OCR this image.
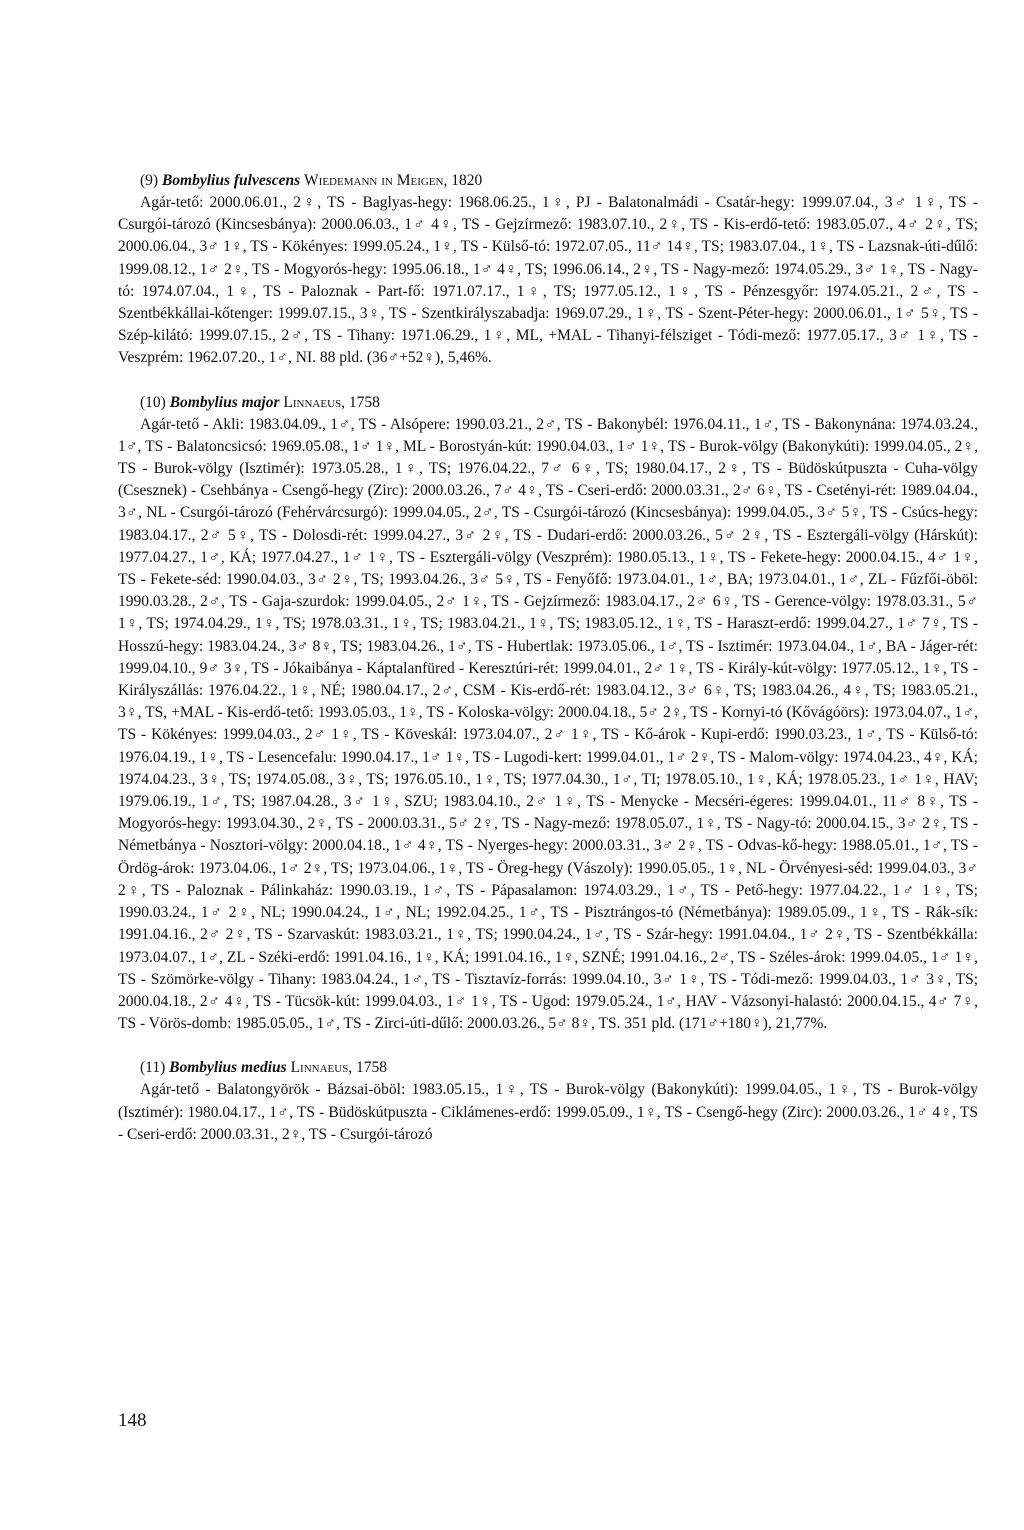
(9) Bombylius fulvescens Wiedemann in Meigen, 1820

Agár-tető: 2000.06.01., 2♀, TS - Baglyas-hegy: 1968.06.25., 1♀, PJ - Balatonalmádi - Csatár-hegy: 1999.07.04., 3♂ 1♀, TS - Csurgói-tározó (Kincsesbánya): 2000.06.03., 1♂ 4♀, TS - Gejzírmező: 1983.07.10., 2♀, TS - Kis-erdő-tető: 1983.05.07., 4♂ 2♀, TS; 2000.06.04., 3♂ 1♀, TS - Kökényes: 1999.05.24., 1♀, TS - Külső-tó: 1972.07.05., 11♂ 14♀, TS; 1983.07.04., 1♀, TS - Lazsnak-úti-dűlő: 1999.08.12., 1♂ 2♀, TS - Mogyorós-hegy: 1995.06.18., 1♂ 4♀, TS; 1996.06.14., 2♀, TS - Nagy-mező: 1974.05.29., 3♂ 1♀, TS - Nagy-tó: 1974.07.04., 1♀, TS - Paloznak - Part-fő: 1971.07.17., 1♀, TS; 1977.05.12., 1♀, TS - Pénzesgyőr: 1974.05.21., 2♂, TS - Szentbékkállai-kőtenger: 1999.07.15., 3♀, TS - Szentkirályszabadja: 1969.07.29., 1♀, TS - Szent-Péter-hegy: 2000.06.01., 1♂ 5♀, TS - Szép-kilátó: 1999.07.15., 2♂, TS - Tihany: 1971.06.29., 1♀, ML, +MAL - Tihanyi-félsziget - Tódi-mező: 1977.05.17., 3♂ 1♀, TS - Veszprém: 1962.07.20., 1♂, NI. 88 pld. (36♂+52♀), 5,46%.

(10) Bombylius major Linnaeus, 1758

Agár-tető - Akli: 1983.04.09., 1♂, TS - Alsópere: 1990.03.21., 2♂, TS - Bakonybél: 1976.04.11., 1♂, TS - Bakonynána: 1974.03.24., 1♂, TS - Balatoncsicsó: 1969.05.08., 1♂ 1♀, ML - Borostyán-kút: 1990.04.03., 1♂ 1♀, TS - Burok-völgy (Bakonykúti): 1999.04.05., 2♀, TS - Burok-völgy (Isztimér): 1973.05.28., 1♀, TS; 1976.04.22., 7♂ 6♀, TS; 1980.04.17., 2♀, TS - Büdöskútpuszta - Cuha-völgy (Csesznek) - Csehbánya - Csengő-hegy (Zirc): 2000.03.26., 7♂ 4♀, TS - Cseri-erdő: 2000.03.31., 2♂ 6♀, TS - Csetényi-rét: 1989.04.04., 3♂, NL - Csurgói-tározó (Fehérvárcsurgó): 1999.04.05., 2♂, TS - Csurgói-tározó (Kincsesbánya): 1999.04.05., 3♂ 5♀, TS - Csúcs-hegy: 1983.04.17., 2♂ 5♀, TS - Dolosdi-rét: 1999.04.27., 3♂ 2♀, TS - Dudari-erdő: 2000.03.26., 5♂ 2♀, TS - Esztergáli-völgy (Hárskút): 1977.04.27., 1♂, KÁ; 1977.04.27., 1♂ 1♀, TS - Esztergáli-völgy (Veszprém): 1980.05.13., 1♀, TS - Fekete-hegy: 2000.04.15., 4♂ 1♀, TS - Fekete-séd: 1990.04.03., 3♂ 2♀, TS; 1993.04.26., 3♂ 5♀, TS - Fenyőfő: 1973.04.01., 1♂, BA; 1973.04.01., 1♂, ZL - Fűzfői-öböl: 1990.03.28., 2♂, TS - Gaja-szurdok: 1999.04.05., 2♂ 1♀, TS - Gejzírmező: 1983.04.17., 2♂ 6♀, TS - Gerence-völgy: 1978.03.31., 5♂ 1♀, TS; 1974.04.29., 1♀, TS; 1978.03.31., 1♀, TS; 1983.04.21., 1♀, TS; 1983.05.12., 1♀, TS - Haraszt-erdő: 1999.04.27., 1♂ 7♀, TS - Hosszú-hegy: 1983.04.24., 3♂ 8♀, TS; 1983.04.26., 1♂, TS - Hubertlak: 1973.05.06., 1♂, TS - Isztimér: 1973.04.04., 1♂, BA - Jáger-rét: 1999.04.10., 9♂ 3♀, TS - Jókaibánya - Káptalanfüred - Keresztúri-rét: 1999.04.01., 2♂ 1♀, TS - Király-kút-völgy: 1977.05.12., 1♀, TS - Királyszállás: 1976.04.22., 1♀, NÉ; 1980.04.17., 2♂, CSM - Kis-erdő-rét: 1983.04.12., 3♂ 6♀, TS; 1983.04.26., 4♀, TS; 1983.05.21., 3♀, TS, +MAL - Kis-erdő-tető: 1993.05.03., 1♀, TS - Koloska-völgy: 2000.04.18., 5♂ 2♀, TS - Kornyi-tó (Kővágóörs): 1973.04.07., 1♂, TS - Kökényes: 1999.04.03., 2♂ 1♀, TS - Köveskál: 1973.04.07., 2♂ 1♀, TS - Kő-árok - Kupi-erdő: 1990.03.23., 1♂, TS - Külső-tó: 1976.04.19., 1♀, TS - Lesencefalu: 1990.04.17., 1♂ 1♀, TS - Lugodi-kert: 1999.04.01., 1♂ 2♀, TS - Malom-völgy: 1974.04.23., 4♀, KÁ; 1974.04.23., 3♀, TS; 1974.05.08., 3♀, TS; 1976.05.10., 1♀, TS; 1977.04.30., 1♂, TI; 1978.05.10., 1♀, KÁ; 1978.05.23., 1♂ 1♀, HAV; 1979.06.19., 1♂, TS; 1987.04.28., 3♂ 1♀, SZU; 1983.04.10., 2♂ 1♀, TS - Menycke - Mecséri-égeres: 1999.04.01., 11♂ 8♀, TS - Mogyorós-hegy: 1993.04.30., 2♀, TS - 2000.03.31., 5♂ 2♀, TS - Nagy-mező: 1978.05.07., 1♀, TS - Nagy-tó: 2000.04.15., 3♂ 2♀, TS - Németbánya - Nosztori-völgy: 2000.04.18., 1♂ 4♀, TS - Nyerges-hegy: 2000.03.31., 3♂ 2♀, TS - Odvas-kő-hegy: 1988.05.01., 1♂, TS - Ördög-árok: 1973.04.06., 1♂ 2♀, TS; 1973.04.06., 1♀, TS - Öreg-hegy (Vászoly): 1990.05.05., 1♀, NL - Örvényesi-séd: 1999.04.03., 3♂ 2♀, TS - Paloznak - Pálinkaház: 1990.03.19., 1♂, TS - Pápasalamon: 1974.03.29., 1♂, TS - Pető-hegy: 1977.04.22., 1♂ 1♀, TS; 1990.03.24., 1♂ 2♀, NL; 1990.04.24., 1♂, NL; 1992.04.25., 1♂, TS - Pisztrángos-tó (Németbánya): 1989.05.09., 1♀, TS - Rák-sík: 1991.04.16., 2♂ 2♀, TS - Szarvaskút: 1983.03.21., 1♀, TS; 1990.04.24., 1♂, TS - Szár-hegy: 1991.04.04., 1♂ 2♀, TS - Szentbékkálla: 1973.04.07., 1♂, ZL - Széki-erdő: 1991.04.16., 1♀, KÁ; 1991.04.16., 1♀, SZNÉ; 1991.04.16., 2♂, TS - Széles-árok: 1999.04.05., 1♂ 1♀, TS - Szömörke-völgy - Tihany: 1983.04.24., 1♂, TS - Tisztavíz-forrás: 1999.04.10., 3♂ 1♀, TS - Tódi-mező: 1999.04.03., 1♂ 3♀, TS; 2000.04.18., 2♂ 4♀, TS - Tücsök-kút: 1999.04.03., 1♂ 1♀, TS - Ugod: 1979.05.24., 1♂, HAV - Vázsonyi-halastó: 2000.04.15., 4♂ 7♀, TS - Vörös-domb: 1985.05.05., 1♂, TS - Zirci-úti-dűlő: 2000.03.26., 5♂ 8♀, TS. 351 pld. (171♂+180♀), 21,77%.

(11) Bombylius medius Linnaeus, 1758

Agár-tető - Balatongyörök - Bázsai-öböl: 1983.05.15., 1♀, TS - Burok-völgy (Bakonykúti): 1999.04.05., 1♀, TS - Burok-völgy (Isztimér): 1980.04.17., 1♂, TS - Büdöskútpuszta - Ciklámenes-erdő: 1999.05.09., 1♀, TS - Csengő-hegy (Zirc): 2000.03.26., 1♂ 4♀, TS - Cseri-erdő: 2000.03.31., 2♀, TS - Csurgói-tározó

148
